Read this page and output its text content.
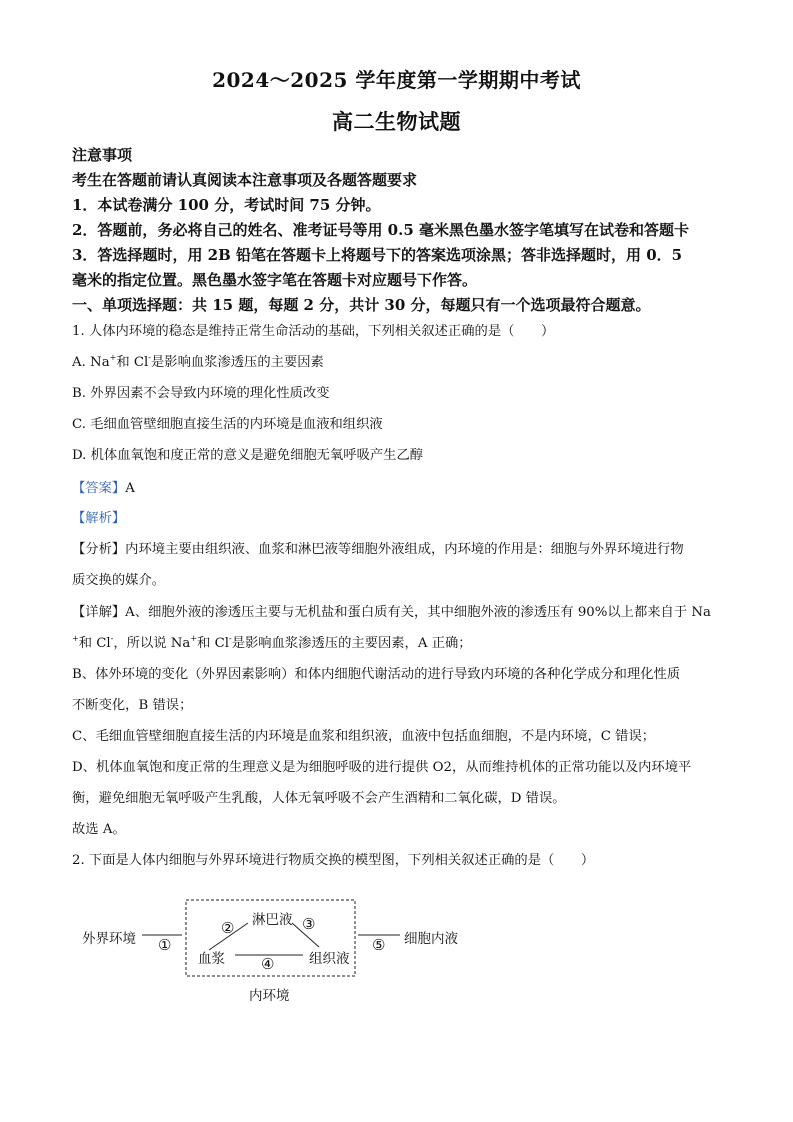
2024～2025 学年度第一学期期中考试
高二生物试题
注意事项
考生在答题前请认真阅读本注意事项及各题答题要求
1．本试卷满分 100 分，考试时间 75 分钟。
2．答题前，务必将自己的姓名、准考证号等用 0.5 毫米黑色墨水签字笔填写在试卷和答题卡
3．答选择题时，用 2B 铅笔在答题卡上将题号下的答案选项涂黑；答非选择题时，用 0．5
毫米的指定位置。黑色墨水签字笔在答题卡对应题号下作答。
一、单项选择题：共 15 题，每题 2 分，共计 30 分，每题只有一个选项最符合题意。
1. 人体内环境的稳态是维持正常生命活动的基础，下列相关叙述正确的是（　　）
A. Na+和 Cl-是影响血浆渗透压的主要因素
B. 外界因素不会导致内环境的理化性质改变
C. 毛细血管壁细胞直接生活的内环境是血液和组织液
D. 机体血氧饱和度正常的意义是避免细胞无氧呼吸产生乙醇
【答案】A
【解析】
【分析】内环境主要由组织液、血浆和淋巴液等细胞外液组成，内环境的作用是：细胞与外界环境进行物
质交换的媒介。
【详解】A、细胞外液的渗透压主要与无机盐和蛋白质有关，其中细胞外液的渗透压有 90%以上都来自于 Na
+和 Cl-，所以说 Na+和 Cl-是影响血浆渗透压的主要因素，A 正确；
B、体外环境的变化（外界因素影响）和体内细胞代谢活动的进行导致内环境的各种化学成分和理化性质
不断变化，B 错误；
C、毛细血管壁细胞直接生活的内环境是血浆和组织液，血液中包括血细胞，不是内环境，C 错误；
D、机体血氧饱和度正常的生理意义是为细胞呼吸的进行提供 O2，从而维持机体的正常功能以及内环境平
衡，避免细胞无氧呼吸产生乳酸，人体无氧呼吸不会产生酒精和二氧化碳，D 错误。
故选 A。
2. 下面是人体内细胞与外界环境进行物质交换的模型图，下列相关叙述正确的是（　　）
外界环境 ①
淋巴液
②	③
血浆 ④	组织液
⑤ 细胞内液
内环境
